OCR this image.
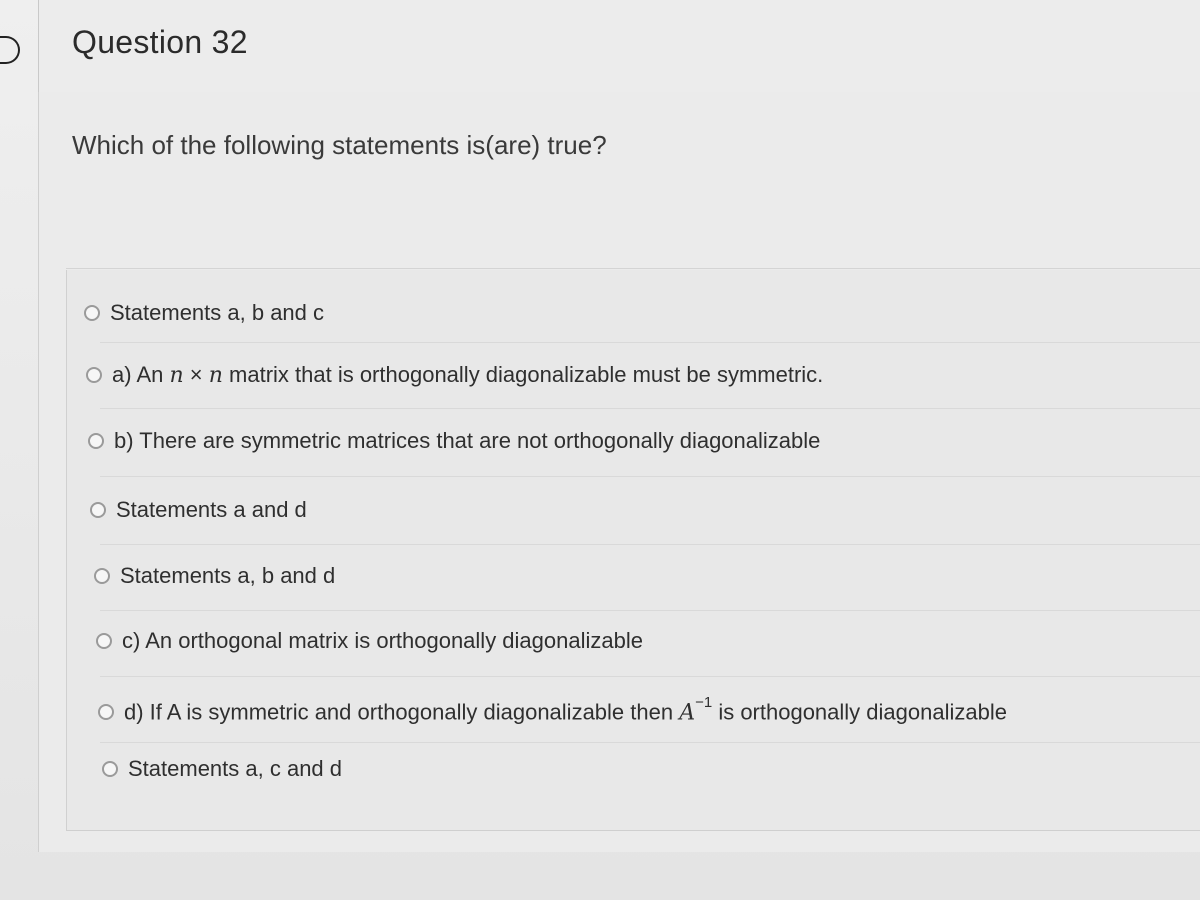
Question 32
Which of the following statements is(are) true?
Statements a, b and c
a) An n × n matrix that is orthogonally diagonalizable must be symmetric.
b) There are symmetric matrices that are not orthogonally diagonalizable
Statements a and d
Statements a, b and d
c) An orthogonal matrix is orthogonally diagonalizable
d) If A is symmetric and orthogonally diagonalizable then $A^{-1}$ is orthogonally diagonalizable
Statements a, c and d
